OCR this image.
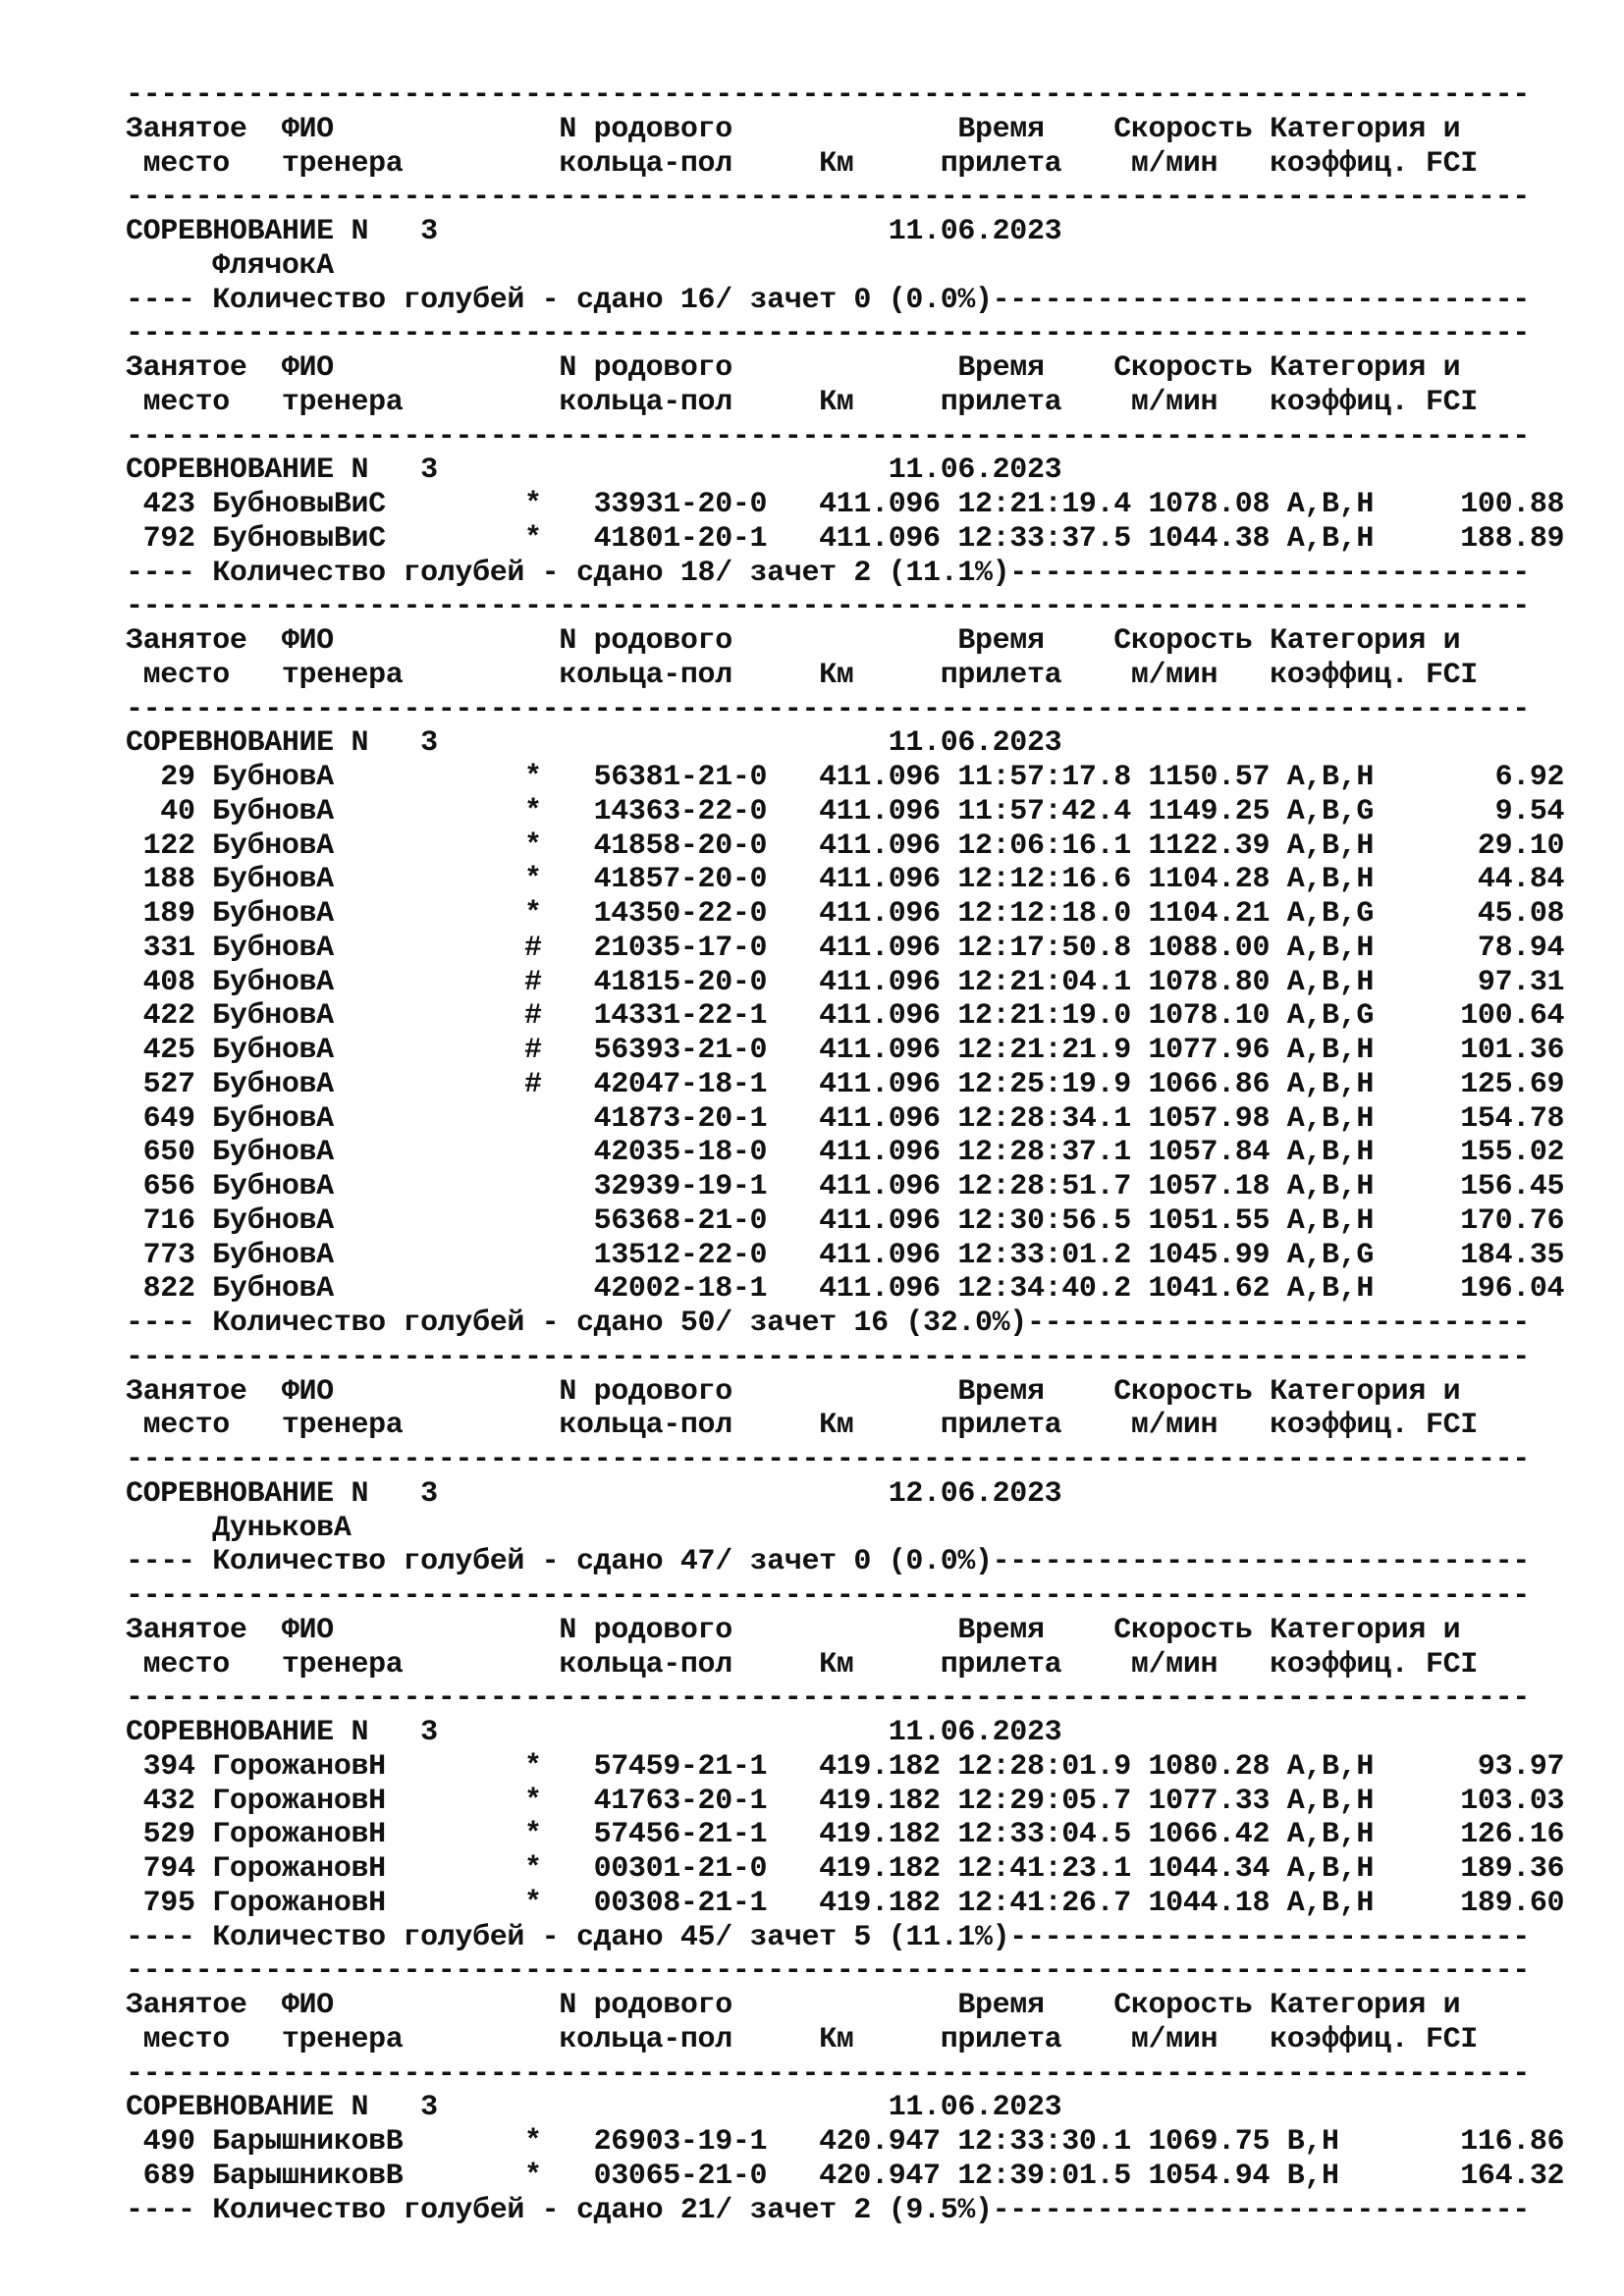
---------------------------------------------------------------------------------
Занятое  ФИО             N родового             Время    Скорость Категория и
место   тренера         кольца-пол     Км     прилета    м/мин   коэффиц. FCI
---------------------------------------------------------------------------------
СОРЕВНОВАНИЕ N   3                          11.06.2023
ФлячокА
---- Количество голубей - сдано 16/ зачет 0 (0.0%)-------------------------------
---------------------------------------------------------------------------------
Занятое  ФИО             N родового             Время    Скорость Категория и
место   тренера         кольца-пол     Км     прилета    м/мин   коэффиц. FCI
---------------------------------------------------------------------------------
СОРЕВНОВАНИЕ N   3                          11.06.2023
423 БубновыВиС        *   33931-20-0   411.096 12:21:19.4 1078.08 A,B,H     100.88
792 БубновыВиС        *   41801-20-1   411.096 12:33:37.5 1044.38 A,B,H     188.89
---- Количество голубей - сдано 18/ зачет 2 (11.1%)------------------------------
---------------------------------------------------------------------------------
Занятое  ФИО             N родового             Время    Скорость Категория и
место   тренера         кольца-пол     Км     прилета    м/мин   коэффиц. FCI
---------------------------------------------------------------------------------
СОРЕВНОВАНИЕ N   3                          11.06.2023
29 БубновА           *   56381-21-0   411.096 11:57:17.8 1150.57 A,B,H       6.92
40 БубновА           *   14363-22-0   411.096 11:57:42.4 1149.25 A,B,G       9.54
122 БубновА           *   41858-20-0   411.096 12:06:16.1 1122.39 A,B,H      29.10
188 БубновА           *   41857-20-0   411.096 12:12:16.6 1104.28 A,B,H      44.84
189 БубновА           *   14350-22-0   411.096 12:12:18.0 1104.21 A,B,G      45.08
331 БубновА           #   21035-17-0   411.096 12:17:50.8 1088.00 A,B,H      78.94
408 БубновА           #   41815-20-0   411.096 12:21:04.1 1078.80 A,B,H      97.31
422 БубновА           #   14331-22-1   411.096 12:21:19.0 1078.10 A,B,G     100.64
425 БубновА           #   56393-21-0   411.096 12:21:21.9 1077.96 A,B,H     101.36
527 БубновА           #   42047-18-1   411.096 12:25:19.9 1066.86 A,B,H     125.69
649 БубновА               41873-20-1   411.096 12:28:34.1 1057.98 A,B,H     154.78
650 БубновА               42035-18-0   411.096 12:28:37.1 1057.84 A,B,H     155.02
656 БубновА               32939-19-1   411.096 12:28:51.7 1057.18 A,B,H     156.45
716 БубновА               56368-21-0   411.096 12:30:56.5 1051.55 A,B,H     170.76
773 БубновА               13512-22-0   411.096 12:33:01.2 1045.99 A,B,G     184.35
822 БубновА               42002-18-1   411.096 12:34:40.2 1041.62 A,B,H     196.04
---- Количество голубей - сдано 50/ зачет 16 (32.0%)-----------------------------
---------------------------------------------------------------------------------
Занятое  ФИО             N родового             Время    Скорость Категория и
место   тренера         кольца-пол     Км     прилета    м/мин   коэффиц. FCI
---------------------------------------------------------------------------------
СОРЕВНОВАНИЕ N   3                          12.06.2023
ДуньковА
---- Количество голубей - сдано 47/ зачет 0 (0.0%)-------------------------------
---------------------------------------------------------------------------------
Занятое  ФИО             N родового             Время    Скорость Категория и
место   тренера         кольца-пол     Км     прилета    м/мин   коэффиц. FCI
---------------------------------------------------------------------------------
СОРЕВНОВАНИЕ N   3                          11.06.2023
394 ГорожановН        *   57459-21-1   419.182 12:28:01.9 1080.28 A,B,H      93.97
432 ГорожановН        *   41763-20-1   419.182 12:29:05.7 1077.33 A,B,H     103.03
529 ГорожановН        *   57456-21-1   419.182 12:33:04.5 1066.42 A,B,H     126.16
794 ГорожановН        *   00301-21-0   419.182 12:41:23.1 1044.34 A,B,H     189.36
795 ГорожановН        *   00308-21-1   419.182 12:41:26.7 1044.18 A,B,H     189.60
---- Количество голубей - сдано 45/ зачет 5 (11.1%)------------------------------
---------------------------------------------------------------------------------
Занятое  ФИО             N родового             Время    Скорость Категория и
место   тренера         кольца-пол     Км     прилета    м/мин   коэффиц. FCI
---------------------------------------------------------------------------------
СОРЕВНОВАНИЕ N   3                          11.06.2023
490 БарышниковВ       *   26903-19-1   420.947 12:33:30.1 1069.75 B,H       116.86
689 БарышниковВ       *   03065-21-0   420.947 12:39:01.5 1054.94 B,H       164.32
---- Количество голубей - сдано 21/ зачет 2 (9.5%)-------------------------------
